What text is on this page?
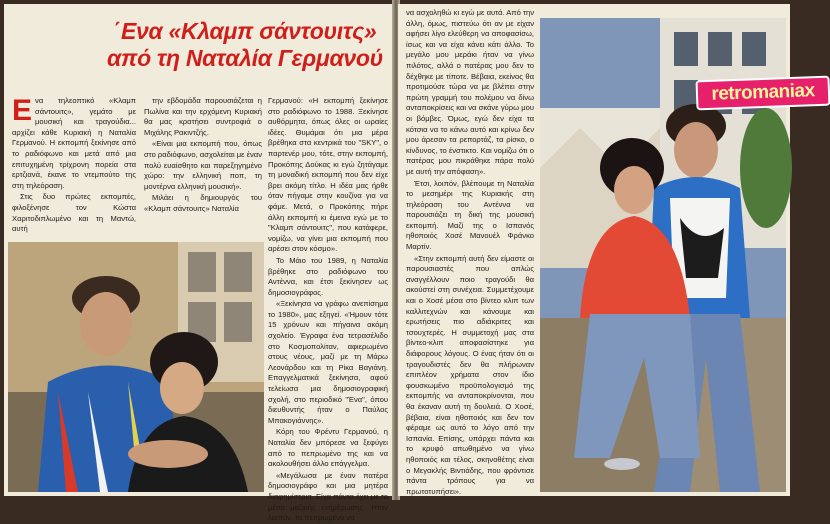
΄Ενα «Κλαμπ σάντουιτς»
από τη Ναταλία Γερμανού
Ε να τηλεοπτικό «Κλαμπ σάντουιτς», γεμάτο με μουσική και τραγούδια... αρχίζει κάθε Κυριακή η Ναταλία Γερμανού. Η εκπομπή ξεκίνησε από το ραδιόφωνο και μετά από μια επιτυχημένη τρίχρονη πορεία στα ερτζιανά, έκανε το ντεμπούτο της στη τηλεόραση.

Στις δυο πρώτες εκπομπές, φιλοξένησε τον Κώστα Χαριτοδιπλωμένο και τη Μαντώ, αυτή

την εβδομάδα παρουσιάζεται η Πωλίνα και την ερχόμενη Κυριακή θα μας κρατήσει συντροφιά ο Μιχάλης Ρακιντζής.

«Είναι μια εκπομπή που, όπως στο ραδιόφωνο, ασχολείται με έναν πολύ ευαίσθητο και παρεξηγημένο χώρο: την ελληνική ποπ, τη μοντέρνα ελληνική μουσική».

Μιλάει η δημιουργός του «Κλαμπ σάντουιτς» Ναταλία

Γερμανού: «Η εκπομπή ξεκίνησε στο ραδιόφωνο το 1988. Ξεκίνησε αυθόρμητα, όπως όλες οι ωραίες ιδέες. Θυμάμαι ότι μια μέρα βρέθηκα στα κεντρικά του "SKY", ο παρτενέρ μου, τότε, στην εκπομπή, Προκόπης Δούκας κι εγώ ζητάγαμε τη μοναδική εκπομπή που δεν είχε βρει ακόμη τίτλο. Η ιδέα μας ήρθε όταν πήγαμε στην κουζίνα για να φάμε. Μετά, ο Προκόπης πήρε άλλη εκπομπή κι έμεινα εγώ με το "Κλαμπ σάντουιτς", που κατάφερε, νομίζω, να γίνει μια εκπομπή που αρέσει στον κόσμο».

Το Μάιο του 1989, η Ναταλία βρέθηκε στο ραδιόφωνο του Αντέννα, και έτσι ξεκίνησεν ως δημοσιογράφος.

«Ξεκίνησα να γράφω ανεπίσημα το 1980», μας εξηγεί. «Ήμουν τότε 15 χρόνων και πήγαινα ακόμη σχολείο. Έγραφα ένα τετρασέλιδο στο Κοσμοπολίταν, αφιερωμένο στους νέους, μαζί με τη Μάρω Λεονάρδου και τη Ρίκα Βαγιάνη. Επαγγελματικά ξεκίνησα, αφού τελείωσα μια δημοσιογραφική σχολή, στο περιοδικό "Ένα", όπου διευθυντής ήταν ο Παύλος Μπακογιάννης».

Κόρη του Φρέντυ Γερμανού, η Ναταλία δεν μπόρεσε να ξεφύγει από το πεπρωμένο της και να ακολουθήσει άλλο επάγγελμα.

«Μεγάλωσα με έναν πατέρα δημοσιογράφο και μια μητέρα διαφημίστρια. Είχα πάντα έχει με το μέσα μαζικής ενημέρωσης. Ήταν λοιπόν, το πεπρωμένο να

να ασχοληθώ κι εγώ με αυτά. Από την άλλη, όμως, πιστεύω ότι αν με είχαν αφήσει λίγο ελεύθερη να αποφασίσω, ίσως και να είχα κάνει κάτι άλλο. Το μεγάλο μου μεράκι ήταν να γίνω πιλότος, αλλά ο πατέρας μου δεν το δέχθηκε με τίποτε. Βέβαια, εκείνος θα προτιμούσε τώρα να με βλέπει στην πρώτη γραμμή του πολέμου να δίνω ανταποκρίσεις και να σκάνε γύρω μου οι βόμβες. Όμως, εγώ δεν είχα τα κότσια να το κάνω αυτό και κρίνω δεν μου άρεσαν τα ρεπορτάζ, τα ρίσκο, ο κίνδυνος, το ένστικτο. Και νομίζω ότι ο πατέρας μου πικράθηκε πάρα πολύ με αυτή την απόφαση».

Έτσι, λοιπόν, βλέπουμε τη Ναταλία το μεσημέρι της Κυριακής στη τηλεόραση του Αντέννα να παρουσιάζει τη δική της μουσική εκπομπή. Μαζί της ο Ισπανός ηθοποιός Χοσέ Μανουέλ Φράνκο Μαρτίν.

«Στην εκπομπή αυτή δεν είμαστε οι παρουσιαστές που απλώς αναγγέλλουν ποιο τραγούδι θα ακούστεί στη συνέχεια. Συμμετέχουμε και ο Χοσέ μέσα στο βίντεο κλιπ των καλλιτεχνών και κάνουμε και ερωτήσεις πιο αδιάκριτες και τσουχτερές. Η συμμετοχή μας στα βίντεο-κλιπ αποφασίστηκε για διάφορους λόγους. Ο ένας ήταν ότι οι τραγουδιστές δεν θα πλήρωναν επιπλέον χρήματα στον ίδιο φουσκωμένο προϋπολογισμό της εκπομπής να ανταποκρίνονται, που θα έκαναν αυτή τη δουλειά. Ο Χοσέ, βέβαια, είναι ηθοποιός και δεν τον φέραμε ως αυτό το λόγο από την Ισπανία. Επίσης, υπάρχει πάντα και το κρυφό απωθημένο να γίνω ηθοποιός και τέλος, σκηνοθέτης είναι ο Μεγακλής Βιντιάδης, που φρόντισε πάντα τρόπους για να πρωτοτυπήσει».

retromaniax
